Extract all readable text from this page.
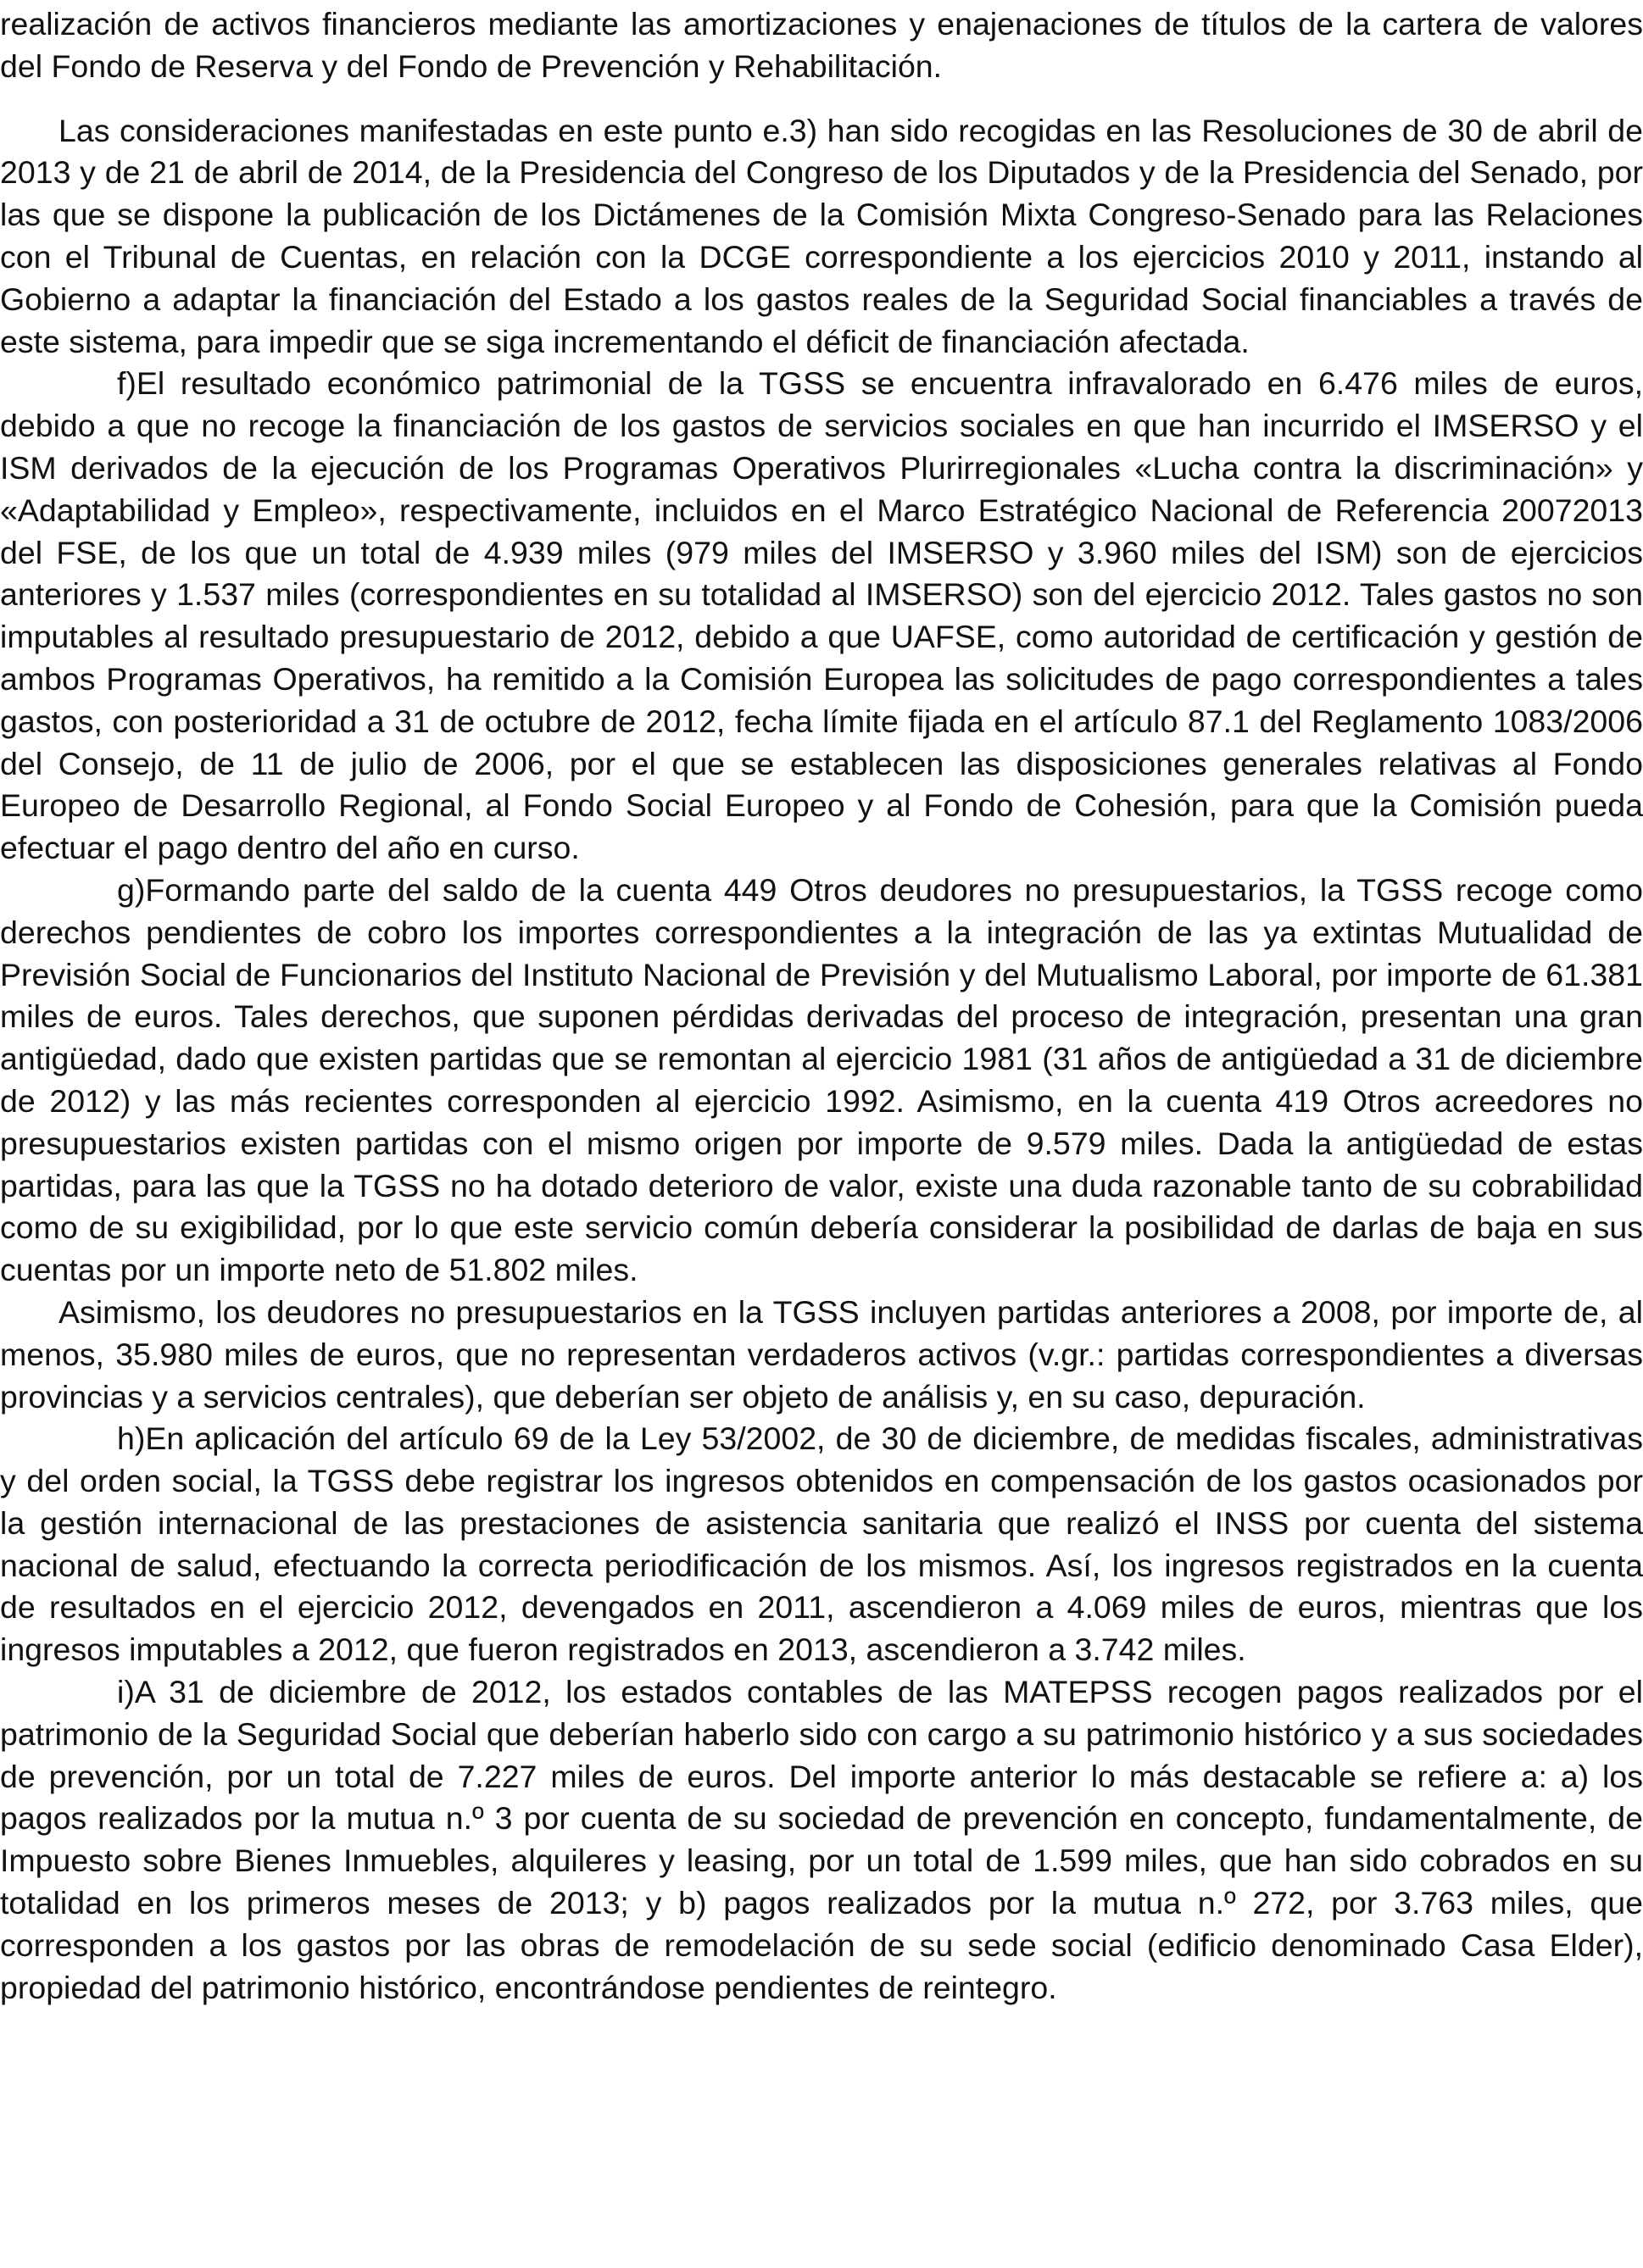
realización de activos financieros mediante las amortizaciones y enajenaciones de títulos de la cartera de valores del Fondo de Reserva y del Fondo de Prevención y Rehabilitación.

Las consideraciones manifestadas en este punto e.3) han sido recogidas en las Resoluciones de 30 de abril de 2013 y de 21 de abril de 2014, de la Presidencia del Congreso de los Diputados y de la Presidencia del Senado, por las que se dispone la publicación de los Dictámenes de la Comisión Mixta Congreso-Senado para las Relaciones con el Tribunal de Cuentas, en relación con la DCGE correspondiente a los ejercicios 2010 y 2011, instando al Gobierno a adaptar la financiación del Estado a los gastos reales de la Seguridad Social financiables a través de este sistema, para impedir que se siga incrementando el déficit de financiación afectada.

f)El resultado económico patrimonial de la TGSS se encuentra infravalorado en 6.476 miles de euros, debido a que no recoge la financiación de los gastos de servicios sociales en que han incurrido el IMSERSO y el ISM derivados de la ejecución de los Programas Operativos Plurirregionales «Lucha contra la discriminación» y «Adaptabilidad y Empleo», respectivamente, incluidos en el Marco Estratégico Nacional de Referencia 20072013 del FSE, de los que un total de 4.939 miles (979 miles del IMSERSO y 3.960 miles del ISM) son de ejercicios anteriores y 1.537 miles (correspondientes en su totalidad al IMSERSO) son del ejercicio 2012. Tales gastos no son imputables al resultado presupuestario de 2012, debido a que UAFSE, como autoridad de certificación y gestión de ambos Programas Operativos, ha remitido a la Comisión Europea las solicitudes de pago correspondientes a tales gastos, con posterioridad a 31 de octubre de 2012, fecha límite fijada en el artículo 87.1 del Reglamento 1083/2006 del Consejo, de 11 de julio de 2006, por el que se establecen las disposiciones generales relativas al Fondo Europeo de Desarrollo Regional, al Fondo Social Europeo y al Fondo de Cohesión, para que la Comisión pueda efectuar el pago dentro del año en curso.

g)Formando parte del saldo de la cuenta 449 Otros deudores no presupuestarios, la TGSS recoge como derechos pendientes de cobro los importes correspondientes a la integración de las ya extintas Mutualidad de Previsión Social de Funcionarios del Instituto Nacional de Previsión y del Mutualismo Laboral, por importe de 61.381 miles de euros. Tales derechos, que suponen pérdidas derivadas del proceso de integración, presentan una gran antigüedad, dado que existen partidas que se remontan al ejercicio 1981 (31 años de antigüedad a 31 de diciembre de 2012) y las más recientes corresponden al ejercicio 1992. Asimismo, en la cuenta 419 Otros acreedores no presupuestarios existen partidas con el mismo origen por importe de 9.579 miles. Dada la antigüedad de estas partidas, para las que la TGSS no ha dotado deterioro de valor, existe una duda razonable tanto de su cobrabilidad como de su exigibilidad, por lo que este servicio común debería considerar la posibilidad de darlas de baja en sus cuentas por un importe neto de 51.802 miles.

Asimismo, los deudores no presupuestarios en la TGSS incluyen partidas anteriores a 2008, por importe de, al menos, 35.980 miles de euros, que no representan verdaderos activos (v.gr.: partidas correspondientes a diversas provincias y a servicios centrales), que deberían ser objeto de análisis y, en su caso, depuración.

h)En aplicación del artículo 69 de la Ley 53/2002, de 30 de diciembre, de medidas fiscales, administrativas y del orden social, la TGSS debe registrar los ingresos obtenidos en compensación de los gastos ocasionados por la gestión internacional de las prestaciones de asistencia sanitaria que realizó el INSS por cuenta del sistema nacional de salud, efectuando la correcta periodificación de los mismos. Así, los ingresos registrados en la cuenta de resultados en el ejercicio 2012, devengados en 2011, ascendieron a 4.069 miles de euros, mientras que los ingresos imputables a 2012, que fueron registrados en 2013, ascendieron a 3.742 miles.

i)A 31 de diciembre de 2012, los estados contables de las MATEPSS recogen pagos realizados por el patrimonio de la Seguridad Social que deberían haberlo sido con cargo a su patrimonio histórico y a sus sociedades de prevención, por un total de 7.227 miles de euros. Del importe anterior lo más destacable se refiere a: a) los pagos realizados por la mutua n.º 3 por cuenta de su sociedad de prevención en concepto, fundamentalmente, de Impuesto sobre Bienes Inmuebles, alquileres y leasing, por un total de 1.599 miles, que han sido cobrados en su totalidad en los primeros meses de 2013; y b) pagos realizados por la mutua n.º 272, por 3.763 miles, que corresponden a los gastos por las obras de remodelación de su sede social (edificio denominado Casa Elder), propiedad del patrimonio histórico, encontrándose pendientes de reintegro.
